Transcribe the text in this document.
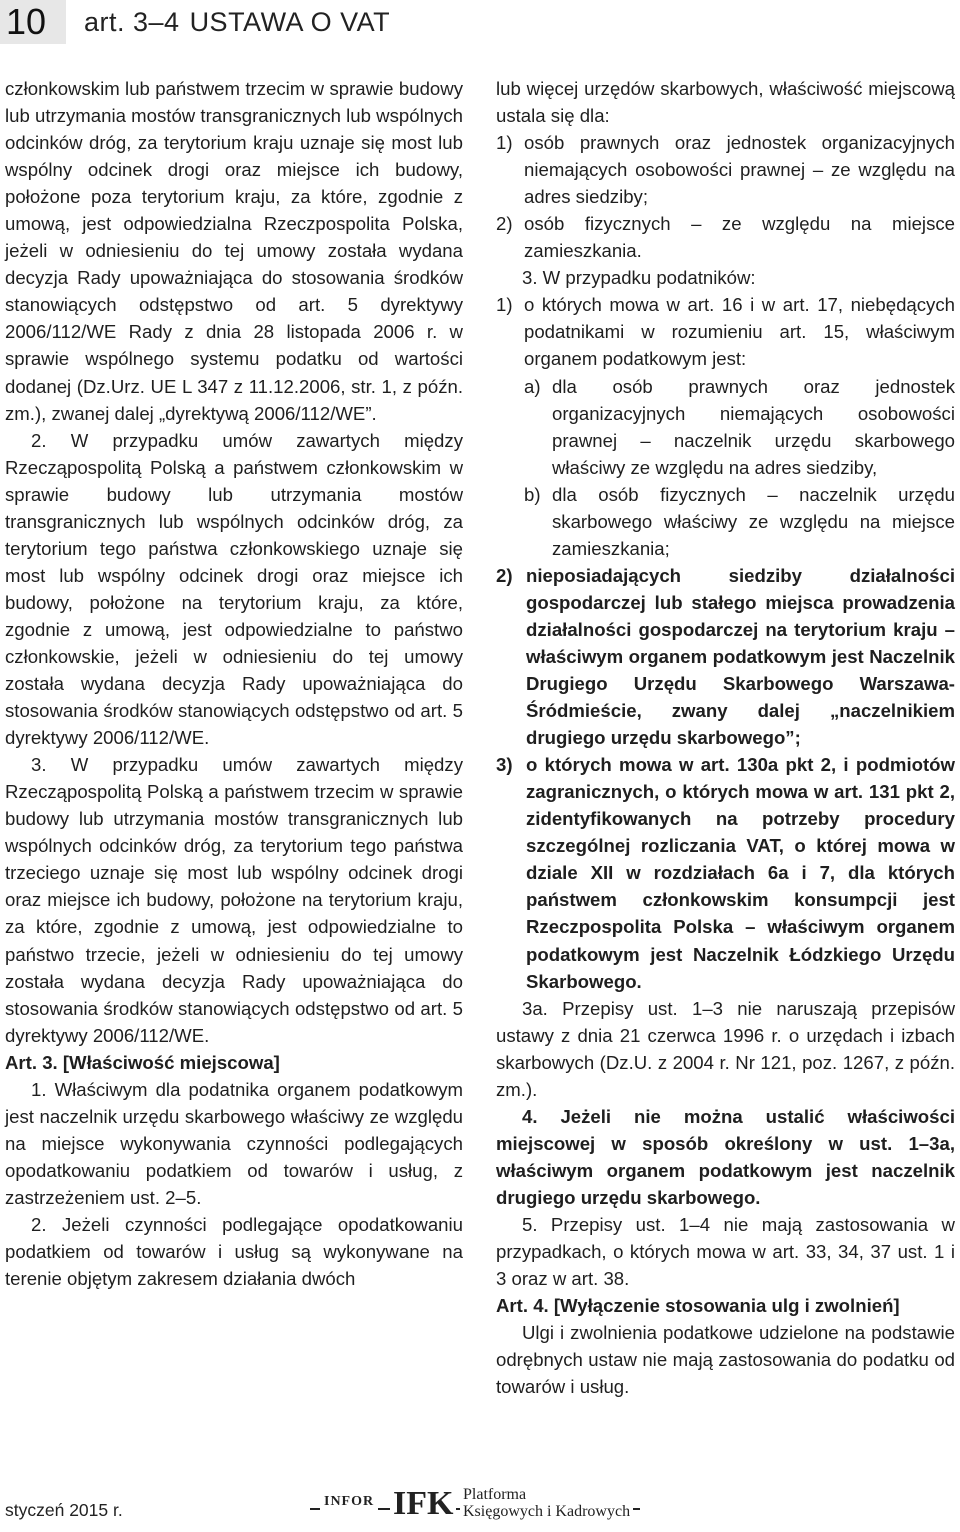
10	art. 3–4 USTAWA O VAT

członkowskim lub państwem trzecim w sprawie budowy lub utrzymania mostów transgranicznych lub wspólnych odcinków dróg, za terytorium kraju uznaje się most lub wspólny odcinek drogi oraz miejsce ich budowy, położone poza terytorium kraju, za które, zgodnie z umową, jest odpowiedzialna Rzeczpospolita Polska, jeżeli w odniesieniu do tej umowy została wydana decyzja Rady upoważniająca do stosowania środków stanowiących odstępstwo od art. 5 dyrektywy 2006/112/WE Rady z dnia 28 listopada 2006 r. w sprawie wspólnego systemu podatku od wartości dodanej (Dz.Urz. UE L 347 z 11.12.2006, str. 1, z późn. zm.), zwanej dalej „dyrektywą 2006/112/WE”.

2. W przypadku umów zawartych między Rzecząpospolitą Polską a państwem członkowskim w sprawie budowy lub utrzymania mostów transgranicznych lub wspólnych odcinków dróg, za terytorium tego państwa członkowskiego uznaje się most lub wspólny odcinek drogi oraz miejsce ich budowy, położone na terytorium kraju, za które, zgodnie z umową, jest odpowiedzialne to państwo członkowskie, jeżeli w odniesieniu do tej umowy została wydana decyzja Rady upoważniająca do stosowania środków stanowiących odstępstwo od art. 5 dyrektywy 2006/112/WE.

3. W przypadku umów zawartych między Rzecząpospolitą Polską a państwem trzecim w sprawie budowy lub utrzymania mostów transgranicznych lub wspólnych odcinków dróg, za terytorium tego państwa trzeciego uznaje się most lub wspólny odcinek drogi oraz miejsce ich budowy, położone na terytorium kraju, za które, zgodnie z umową, jest odpowiedzialne to państwo trzecie, jeżeli w odniesieniu do tej umowy została wydana decyzja Rady upoważniająca do stosowania środków stanowiących odstępstwo od art. 5 dyrektywy 2006/112/WE.

Art. 3. [Właściwość miejscowa]

1. Właściwym dla podatnika organem podatkowym jest naczelnik urzędu skarbowego właściwy ze względu na miejsce wykonywania czynności podlegających opodatkowaniu podatkiem od towarów i usług, z zastrzeżeniem ust. 2–5.

2. Jeżeli czynności podlegające opodatkowaniu podatkiem od towarów i usług są wykonywane na terenie objętym zakresem działania dwóch

lub więcej urzędów skarbowych, właściwość miejscową ustala się dla:

1) osób prawnych oraz jednostek organizacyjnych niemających osobowości prawnej – ze względu na adres siedziby;
2) osób fizycznych – ze względu na miejsce zamieszkania.

3. W przypadku podatników:

1) o których mowa w art. 16 i w art. 17, niebędących podatnikami w rozumieniu art. 15, właściwym organem podatkowym jest:
a) dla osób prawnych oraz jednostek organizacyjnych niemających osobowości prawnej – naczelnik urzędu skarbowego właściwy ze względu na adres siedziby,
b) dla osób fizycznych – naczelnik urzędu skarbowego właściwy ze względu na miejsce zamieszkania;
2) nieposiadających siedziby działalności gospodarczej lub stałego miejsca prowadzenia działalności gospodarczej na terytorium kraju – właściwym organem podatkowym jest Naczelnik Drugiego Urzędu Skarbowego Warszawa-Śródmieście, zwany dalej „naczelnikiem drugiego urzędu skarbowego”;
3) o których mowa w art. 130a pkt 2, i podmiotów zagranicznych, o których mowa w art. 131 pkt 2, zidentyfikowanych na potrzeby procedury szczególnej rozliczania VAT, o której mowa w dziale XII w rozdziałach 6a i 7, dla których państwem członkowskim konsumpcji jest Rzeczpospolita Polska – właściwym organem podatkowym jest Naczelnik Łódzkiego Urzędu Skarbowego.

3a. Przepisy ust. 1–3 nie naruszają przepisów ustawy z dnia 21 czerwca 1996 r. o urzędach i izbach skarbowych (Dz.U. z 2004 r. Nr 121, poz. 1267, z późn. zm.).

4. Jeżeli nie można ustalić właściwości miejscowej w sposób określony w ust. 1–3a, właściwym organem podatkowym jest naczelnik drugiego urzędu skarbowego.

5. Przepisy ust. 1–4 nie mają zastosowania w przypadkach, o których mowa w art. 33, 34, 37 ust. 1 i 3 oraz w art. 38.

Art. 4. [Wyłączenie stosowania ulg i zwolnień]

Ulgi i zwolnienia podatkowe udzielone na podstawie odrębnych ustaw nie mają zastosowania do podatku od towarów i usług.

styczeń 2015 r.	INFOR IFK Platforma
Księgowych i Kadrowych
